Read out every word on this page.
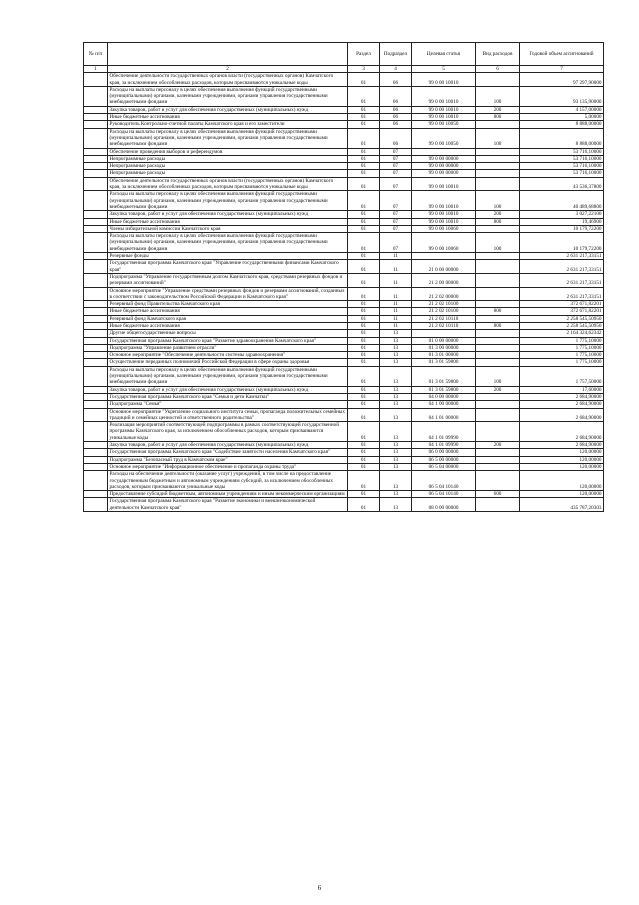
№ п/п		Раздел	Подраздел	Целевая статья	Вид расходов	Годовой объем ассигнований
1	2	3	4	5	6	7
	Обеспечение деятельности государственных органов власти (государственных органов) Камчатского края, за исключением обособленных расходов, которым присваиваются уникальные коды	01	06	99 0 00 10010		97 297,90000
	Расходы на выплаты персоналу в целях обеспечения выполнения функций государственными (муниципальными) органами, казенными учреждениями, органами управления государственными внебюджетными фондами	01	06	99 0 00 10010	100	93 135,90000
	Закупка товаров, работ и услуг для обеспечения государственных (муниципальных) нужд	01	06	99 0 00 10010	200	4 157,00000
	Иные бюджетные ассигнования	01	06	99 0 00 10010	800	5,00000
	Руководитель Контрольно-счетной палаты Камчатского края и его заместители	01	06	99 0 00 10050		8 888,00000
	Расходы на выплаты персоналу в целях обеспечения выполнения функций государственными (муниципальными) органами, казенными учреждениями, органами управления государственными внебюджетными фондами	01	06	99 0 00 10050	100	8 888,00000
	Обеспечение проведения выборов и референдумов	01	07			53 716,10000
	Непрограммные расходы	01	07	99 0 00 00000		53 716,10000
	Непрограммные расходы	01	07	99 0 00 00000		53 716,10000
	Непрограммные расходы	01	07	99 0 00 00000		53 716,10000
	Обеспечение деятельности государственных органов власти (государственных органов) Камчатского края, за исключением обособленных расходов, которым присваиваются уникальные коды	01	07	99 0 00 10010		43 536,37800
	Расходы на выплаты персоналу в целях обеспечения выполнения функций государственными (муниципальными) органами, казенными учреждениями, органами управления государственными внебюджетными фондами	01	07	99 0 00 10010	100	40 489,68800
	Закупка товаров, работ и услуг для обеспечения государственных (муниципальных) нужд	01	07	99 0 00 10010	200	3 027,22100
	Иные бюджетные ассигнования	01	07	99 0 00 10010	800	19,46900
	Члены избирательной комиссии Камчатского края	01	07	99 0 00 10060		10 179,72200
	Расходы на выплаты персоналу в целях обеспечения выполнения функций государственными (муниципальными) органами, казенными учреждениями, органами управления государственными внебюджетными фондами	01	07	99 0 00 10060	100	10 179,72200
	Резервные фонды	01	11			2 631 217,33151
	Государственная программа Камчатского края "Управление государственными финансами Камчатского края"	01	11	21 0 00 00000		2 631 217,33151
	Подпрограмма "Управление государственным долгом Камчатского края, средствами резервных фондов и резервами ассигнований"	01	11	21 2 00 00000		2 631 217,33151
	Основное мероприятие "Управление средствами резервных фондов и резервами ассигнований, созданных в соответствии с законодательством Российской Федерации и Камчатского края"	01	11	21 2 02 00000		2 631 217,33151
	Резервный фонд Правительства Камчатского края	01	11	21 2 02 10100		372 671,82201
	Иные бюджетные ассигнования	01	11	21 2 02 10100	800	372 671,82201
	Резервный фонд Камчатского края	01	11	21 2 02 10110		2 258 545,50950
	Иные бюджетные ассигнования	01	11	21 2 02 10110	800	2 258 545,50950
	Другие общегосударственные вопросы	01	13			2 164 324,62342
	Государственная программа Камчатского края "Развитие здравоохранения Камчатского края"	01	13	01 0 00 00000		1 775,10000
	Подпрограмма "Управление развитием отрасли"	01	13	01 3 00 00000		1 775,10000
	Основное мероприятие "Обеспечение деятельности системы здравоохранения"	01	13	01 3 01 00000		1 775,10000
	Осуществление переданных полномочий Российской Федерации в сфере охраны здоровья	01	13	01 3 01 59800		1 775,10000
	Расходы на выплаты персоналу в целях обеспечения выполнения функций государственными (муниципальными) органами, казенными учреждениями, органами управления государственными внебюджетными фондами	01	13	01 3 01 59800	100	1 757,50000
	Закупка товаров, работ и услуг для обеспечения государственных (муниципальных) нужд	01	13	01 3 01 59800	200	17,60000
	Государственная программа Камчатского края "Семья и дети Камчатки"	01	13	04 0 00 00000		2 684,90000
	Подпрограмма "Семья"	01	13	04 1 00 00000		2 684,90000
	Основное мероприятие "Укрепление социального института семьи, пропаганда положительных семейных традиций и семейных ценностей и ответственного родительства"	01	13	04 1 01 00000		2 684,90000
	Реализация мероприятий соответствующей подпрограммы в рамках соответствующей государственной программы Камчатского края, за исключением обособленных расходов, которым присваиваются уникальные коды	01	13	04 1 01 09990		2 684,90000
	Закупка товаров, работ и услуг для обеспечения государственных (муниципальных) нужд	01	13	04 1 01 09990	200	2 684,90000
	Государственная программа Камчатского края "Содействие занятости населения Камчатского края"	01	13	06 0 00 00000		120,00000
	Подпрограмма "Безопасный труд в Камчатском крае"	01	13	06 5 00 00000		120,00000
	Основное мероприятие "Информационное обеспечение и пропаганда охраны труда"	01	13	06 5 04 00000		120,00000
	Расходы на обеспечение деятельности (оказание услуг) учреждений, в том числе на предоставление государственным бюджетным и автономным учреждениям субсидий, за исключением обособленных расходов, которым присваиваются уникальные коды	01	13	06 5 04 10140		120,00000
	Предоставление субсидий бюджетным, автономным учреждениям и иным некоммерческим организациям	01	13	06 5 04 10140	600	120,00000
	Государственная программа Камчатского края "Развитие экономики и внешнеэкономической деятельности Камчатского края"	01	13	08 0 00 00000		435 787,20303
6
